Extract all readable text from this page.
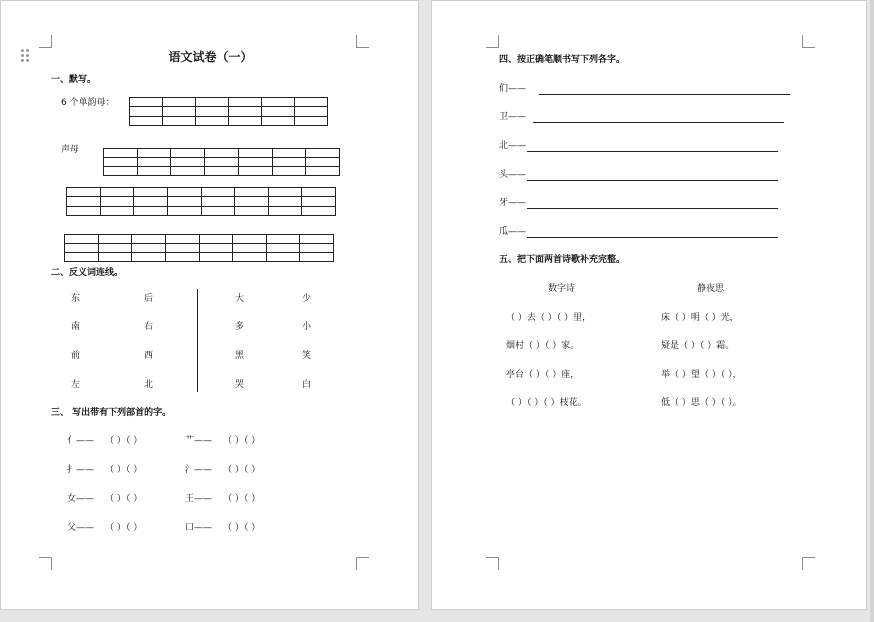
语文试卷（一）
一、默写。
6 个单韵母：

声母

二、反义词连线。
东	后
南	右
前	西
左	北
大	少
多	小
黑	笑
哭	白
三、 写出带有下列部首的字。
亻—— （ ）（ ）	艹—— （ ）（ ）
扌—— （ ）（ ）	氵—— （ ）（ ）
女—— （ ）（ ）	王—— （ ）（ ）
父—— （ ）（ ）	口—— （ ）（ ）
四、按正确笔顺书写下列各字。
们——
卫——
北——
头——
牙——
瓜——
五、把下面两首诗歌补充完整。
数字诗	静夜思
（ ）去（ ）（ ）里，	床（ ）明（ ）光，
烟村（ ）（ ）家。	疑是（ ）（ ）霜。
亭台（ ）（ ）座，	举（ ）望（ ）（ ），
（ ）（ ）（ ）枝花。	低（ ）思（ ）（ ）。
